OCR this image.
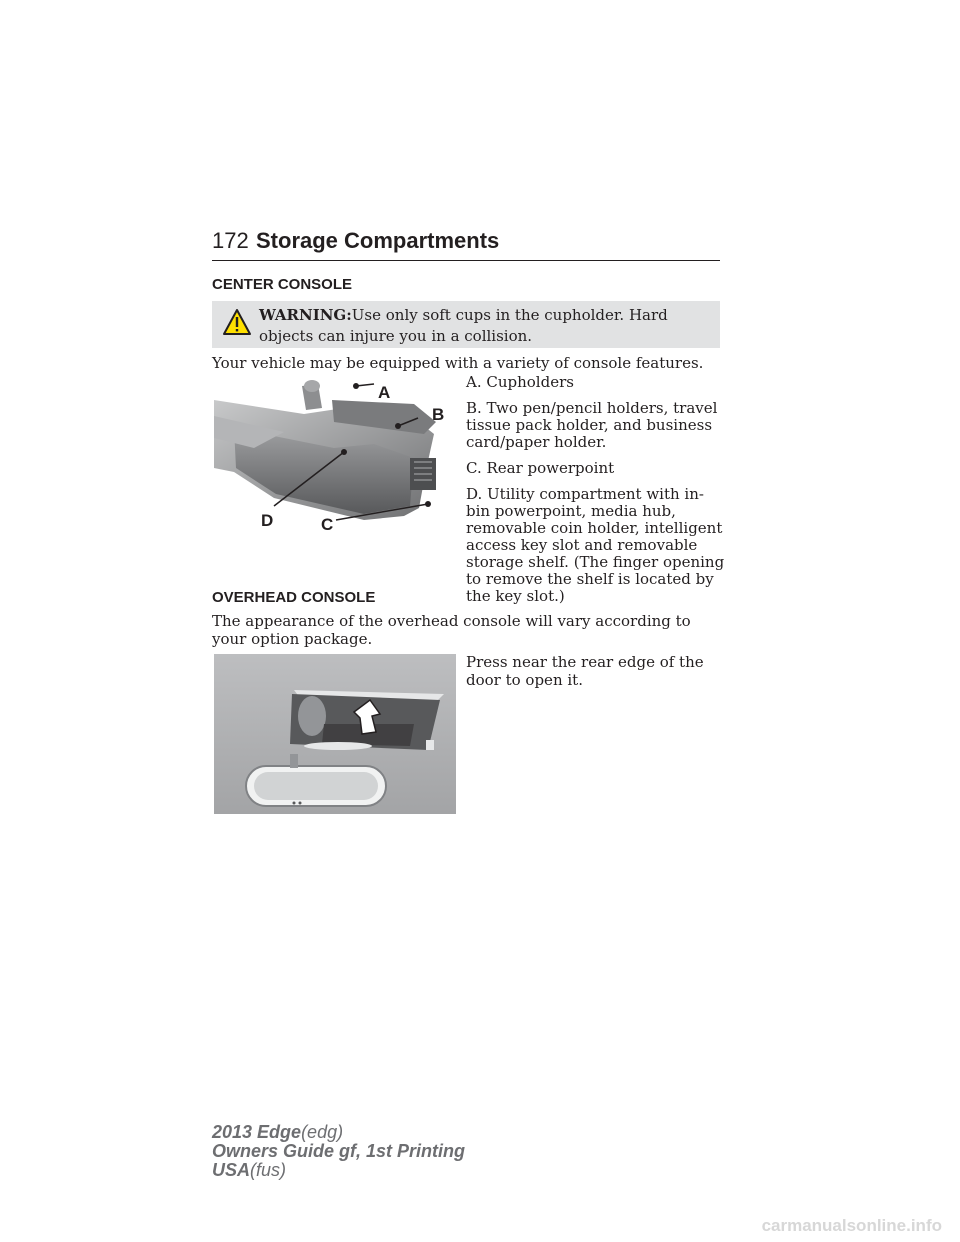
172 Storage Compartments
CENTER CONSOLE
WARNING:Use only soft cups in the cupholder. Hard objects can injure you in a collision.
Your vehicle may be equipped with a variety of console features.
A
B
C
D

A. Cupholders

B. Two pen/pencil holders, travel tissue pack holder, and business card/paper holder.

C. Rear powerpoint

D. Utility compartment with in-bin powerpoint, media hub, removable coin holder, intelligent access key slot and removable storage shelf. (The finger opening to remove the shelf is located by the key slot.)

OVERHEAD CONSOLE
The appearance of the overhead console will vary according to your option package.
Press near the rear edge of the door to open it.
2013 Edge(edg)
Owners Guide gf, 1st Printing
USA(fus)
carmanualsonline.info
